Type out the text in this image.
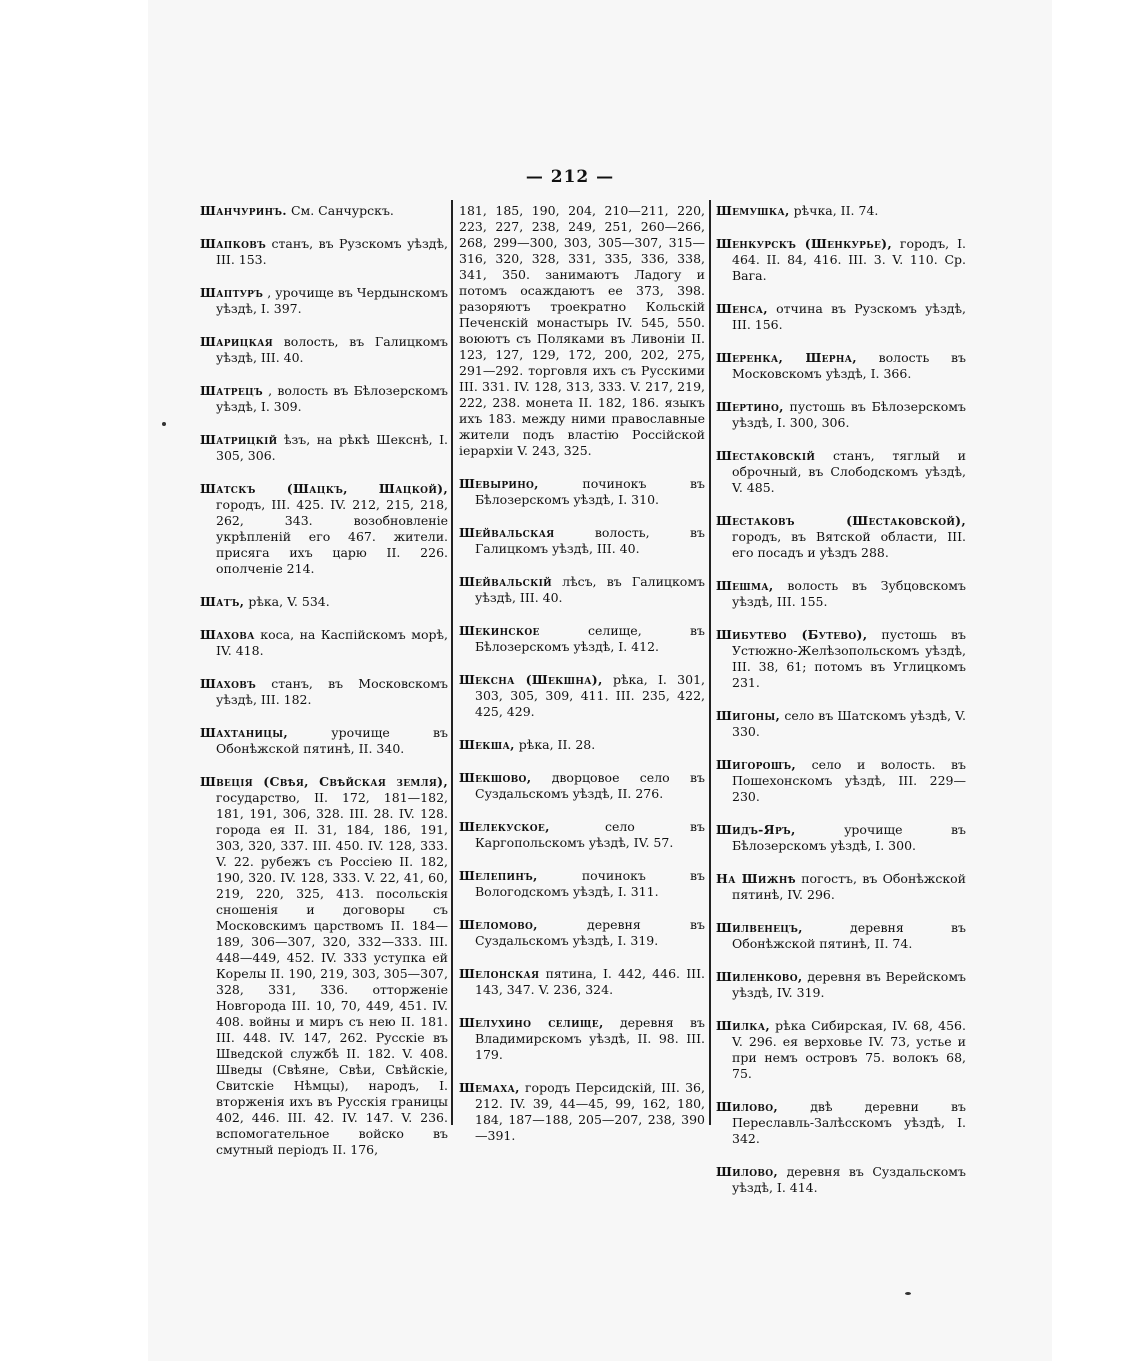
— 212 —
Шанчуринъ. См. Санчурскъ.
Шапковъ станъ, въ Рузскомъ уѣздѣ, III. 153.
Шаптуръ , урочище въ Чердынскомъ уѣздѣ, I. 397.
Шарицкая волость, въ Галицкомъ уѣздѣ, III. 40.
Шатрецъ , волость въ Бѣлозерскомъ уѣздѣ, I. 309.
Шатрицкій ѣзъ, на рѣкѣ Шекснѣ, I. 305, 306.
Шатскъ (Шацкъ, Шацкой), городъ, III. 425. IV. 212, 215, 218, 262, 343. возобновленіе укрѣпленій его 467. жители. присяга ихъ царю II. 226. ополченіе 214.
Шатъ, рѣка, V. 534.
Шахова коса, на Каспійскомъ морѣ, IV. 418.
Шаховъ станъ, въ Московскомъ уѣздѣ, III. 182.
Шахтаницы,	урочище въ Обонѣжской пятинѣ, II. 340.
Швеція (Свѣя, Свѣйская земля), государство, II. 172, 181—182, 181, 191, 306, 328. III. 28. IV. 128. города ея II. 31, 184, 186, 191, 303, 320, 337. III. 450. IV. 128, 333. V. 22. рубежъ съ Россіею II. 182, 190, 320. IV. 128, 333. V. 22, 41, 60, 219, 220, 325, 413. посольскія сношенія и договоры съ Московскимъ царствомъ II. 184—189, 306—307, 320, 332—333. III. 448—449, 452. IV. 333 уступка ей Корелы II. 190, 219, 303, 305—307, 328, 331, 336. отторженіе Новгорода III. 10, 70, 449, 451. IV. 408. войны и миръ съ нею II. 181. III. 448. IV. 147, 262. Русскіе въ Шведской службѣ II. 182. V. 408. Шведы (Свѣяне, Свѣи, Свѣйскіе, Свитскіе Нѣмцы), народъ, I. вторженія ихъ въ Русскія границы 402, 446. III. 42. IV. 147. V. 236. вспомогательное войско въ смутный періодъ II. 176,
181, 185, 190, 204, 210—211, 220, 223, 227, 238, 249, 251, 260—266, 268, 299—300, 303, 305—307, 315—316, 320, 328, 331, 335, 336, 338, 341, 350. занимаютъ Ладогу и потомъ осаждаютъ ее 373, 398. разоряютъ троекратно Кольскій Печенскій монастырь IV. 545, 550. воюютъ съ Поляками въ Ливоніи II. 123, 127, 129, 172, 200, 202, 275, 291—292. торговля ихъ съ Русскими III. 331. IV. 128, 313, 333. V. 217, 219, 222, 238. монета II. 182, 186. языкъ ихъ 183. между ними православные жители подъ властію Россійской іерархіи V. 243, 325.
Шевырино,	починокъ въ Бѣлозерскомъ уѣздѣ, I. 310.
Шейвальская	волость, въ Галицкомъ уѣздѣ, III. 40.
Шейвальскій лѣсъ, въ Галицкомъ уѣздѣ, III. 40.
Шекинское	селище, въ Бѣлозерскомъ уѣздѣ, I. 412.
Шексна (Шекшна), рѣка, I. 301, 303, 305, 309, 411. III. 235, 422, 425, 429.
Шекша, рѣка, II. 28.
Шекшово, дворцовое село въ Суздальскомъ уѣздѣ, II. 276.
Шелекуское,	село въ Каргопольскомъ уѣздѣ, IV. 57.
Шелепинъ,	починокъ въ Вологодскомъ уѣздѣ, I. 311.
Шеломово,	деревня въ Суздальскомъ уѣздѣ, I. 319.
Шелонская пятина, I. 442, 446. III. 143, 347. V. 236, 324.
Шелухино селище, деревня въ Владимирскомъ уѣздѣ, II. 98. III. 179.
Шемаха, городъ Персидскій, III. 36, 212. IV. 39, 44—45, 99, 162, 180, 184, 187—188, 205—207, 238, 390—391.
Шемушка, рѣчка, II. 74.
Шенкурскъ (Шенкурье), городъ, I. 464. II. 84, 416. III. 3. V. 110. Ср. Вага.
Шенса, отчина въ Рузскомъ уѣздѣ, III. 156.
Шеренка, Шерна, волость въ Московскомъ уѣздѣ, I. 366.
Шертино, пустошь въ Бѣлозерскомъ уѣздѣ, I. 300, 306.
Шестаковскій станъ, тяглый и оброчный, въ Слободскомъ уѣздѣ, V. 485.
Шестаковъ (Шестаковской), городъ, въ Вятской области, III. его посадъ и уѣздъ 288.
Шешма, волость въ Зубцовскомъ уѣздѣ, III. 155.
Шибутево (Бутево), пустошь въ Устюжно-Желѣзопольскомъ уѣздѣ, III. 38, 61; потомъ въ Углицкомъ 231.
Шигоны, село въ Шатскомъ уѣздѣ, V. 330.
Шигорошъ, село и волость. въ Пошехонскомъ уѣздѣ, III. 229—230.
Шидъ-Яръ,	урочище въ Бѣлозерскомъ уѣздѣ, I. 300.
На Шижнѣ погостъ, въ Обонѣжской пятинѣ, IV. 296.
Шилвенецъ,	деревня въ Обонѣжской пятинѣ, II. 74.
Шиленково, деревня въ Верейскомъ уѣздѣ, IV. 319.
Шилка, рѣка Сибирская, IV. 68, 456. V. 296. ея верховье IV. 73, устье и при немъ островъ 75. волокъ 68, 75.
Шилово,	двѣ деревни въ Переславль-Залѣсскомъ уѣздѣ, I. 342.
Шилово, деревня въ Суздальскомъ уѣздѣ, I. 414.
